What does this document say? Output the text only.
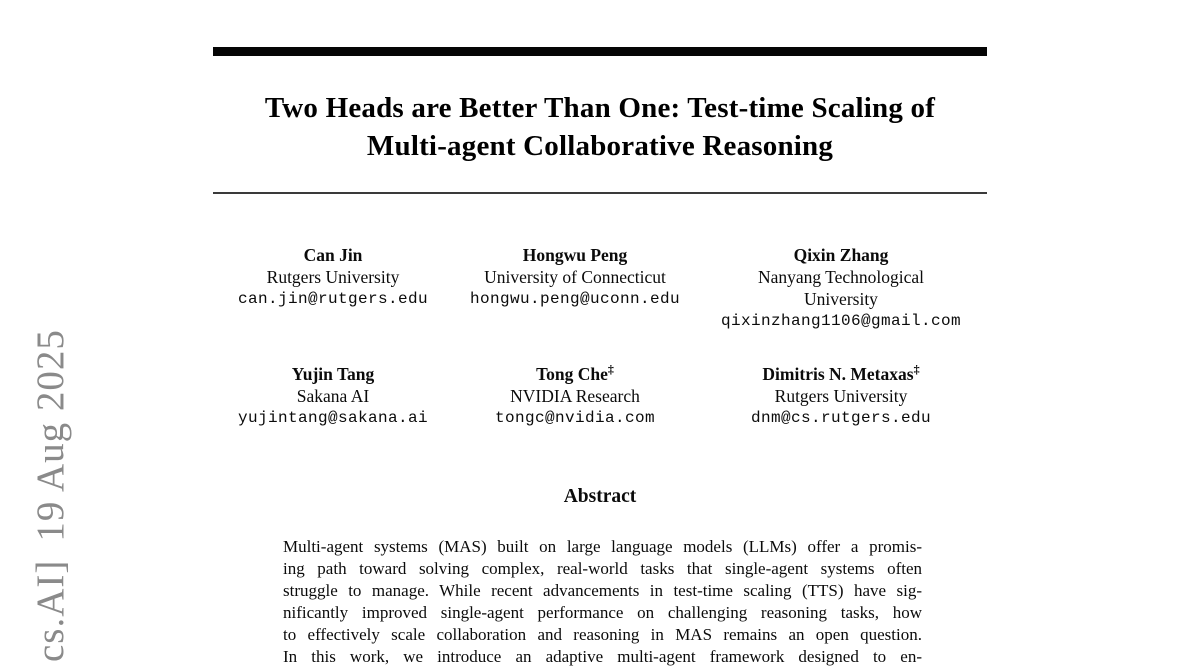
cs.AI]19 Aug 2025
Two Heads are Better Than One: Test-time Scaling of
Multi-agent Collaborative Reasoning
Can Jin
Rutgers University
can.jin@rutgers.edu
Hongwu Peng
University of Connecticut
hongwu.peng@uconn.edu
Qixin Zhang
Nanyang Technological University
qixinzhang1106@gmail.com
Yujin Tang
Sakana AI
yujintang@sakana.ai
Tong Che‡
NVIDIA Research
tongc@nvidia.com
Dimitris N. Metaxas‡
Rutgers University
dnm@cs.rutgers.edu
Abstract
Multi-agent systems (MAS) built on large language models (LLMs) offer a promis-
ing path toward solving complex, real-world tasks that single-agent systems often
struggle to manage. While recent advancements in test-time scaling (TTS) have sig-
nificantly improved single-agent performance on challenging reasoning tasks, how
to effectively scale collaboration and reasoning in MAS remains an open question.
In this work, we introduce an adaptive multi-agent framework designed to en-
